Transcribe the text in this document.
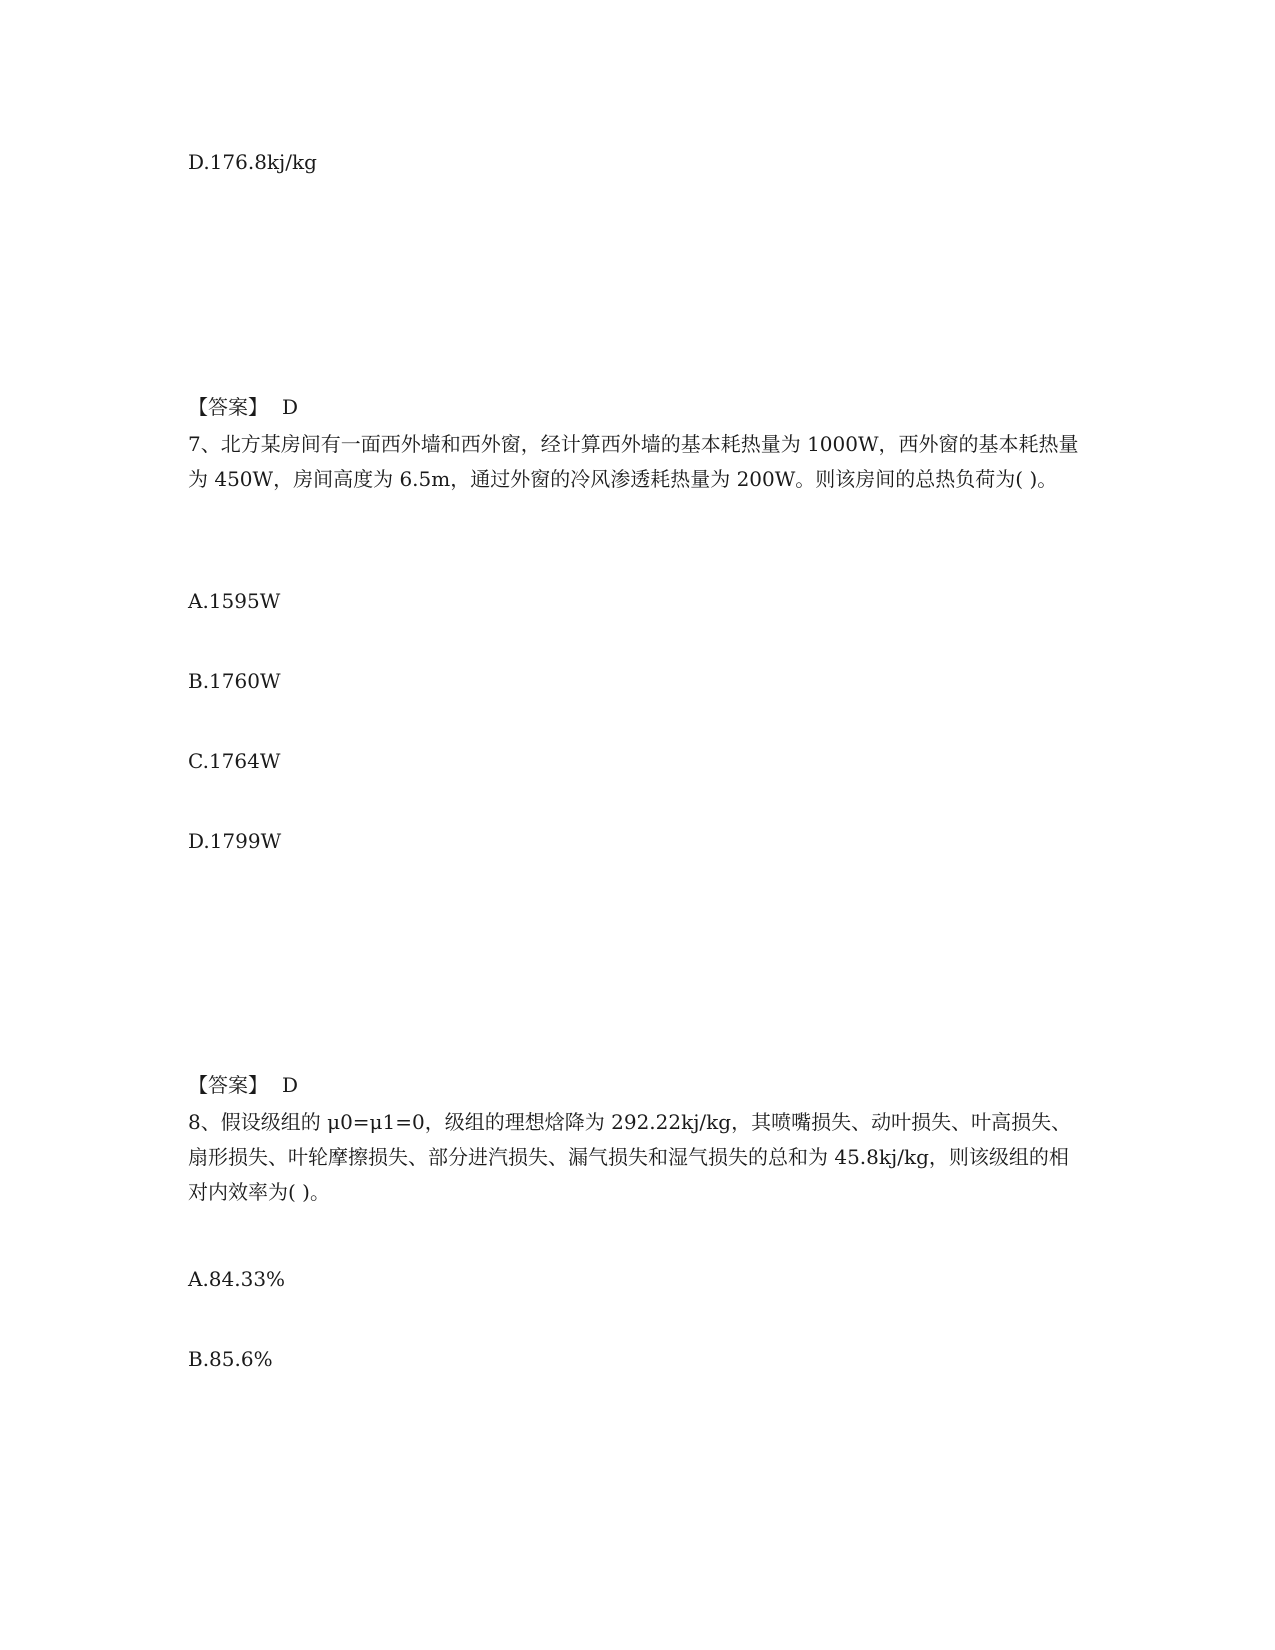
D.176.8kj/kg

【答案】 D

7、北方某房间有一面西外墙和西外窗，经计算西外墙的基本耗热量为 1000W，西外窗的基本耗热量为 450W，房间高度为 6.5m，通过外窗的冷风渗透耗热量为 200W。则该房间的总热负荷为( )。

A.1595W

B.1760W

C.1764W

D.1799W

【答案】 D

8、假设级组的 μ0=μ1=0，级组的理想焓降为 292.22kj/kg，其喷嘴损失、动叶损失、叶高损失、扇形损失、叶轮摩擦损失、部分进汽损失、漏气损失和湿气损失的总和为 45.8kj/kg，则该级组的相对内效率为( )。

A.84.33%

B.85.6%
